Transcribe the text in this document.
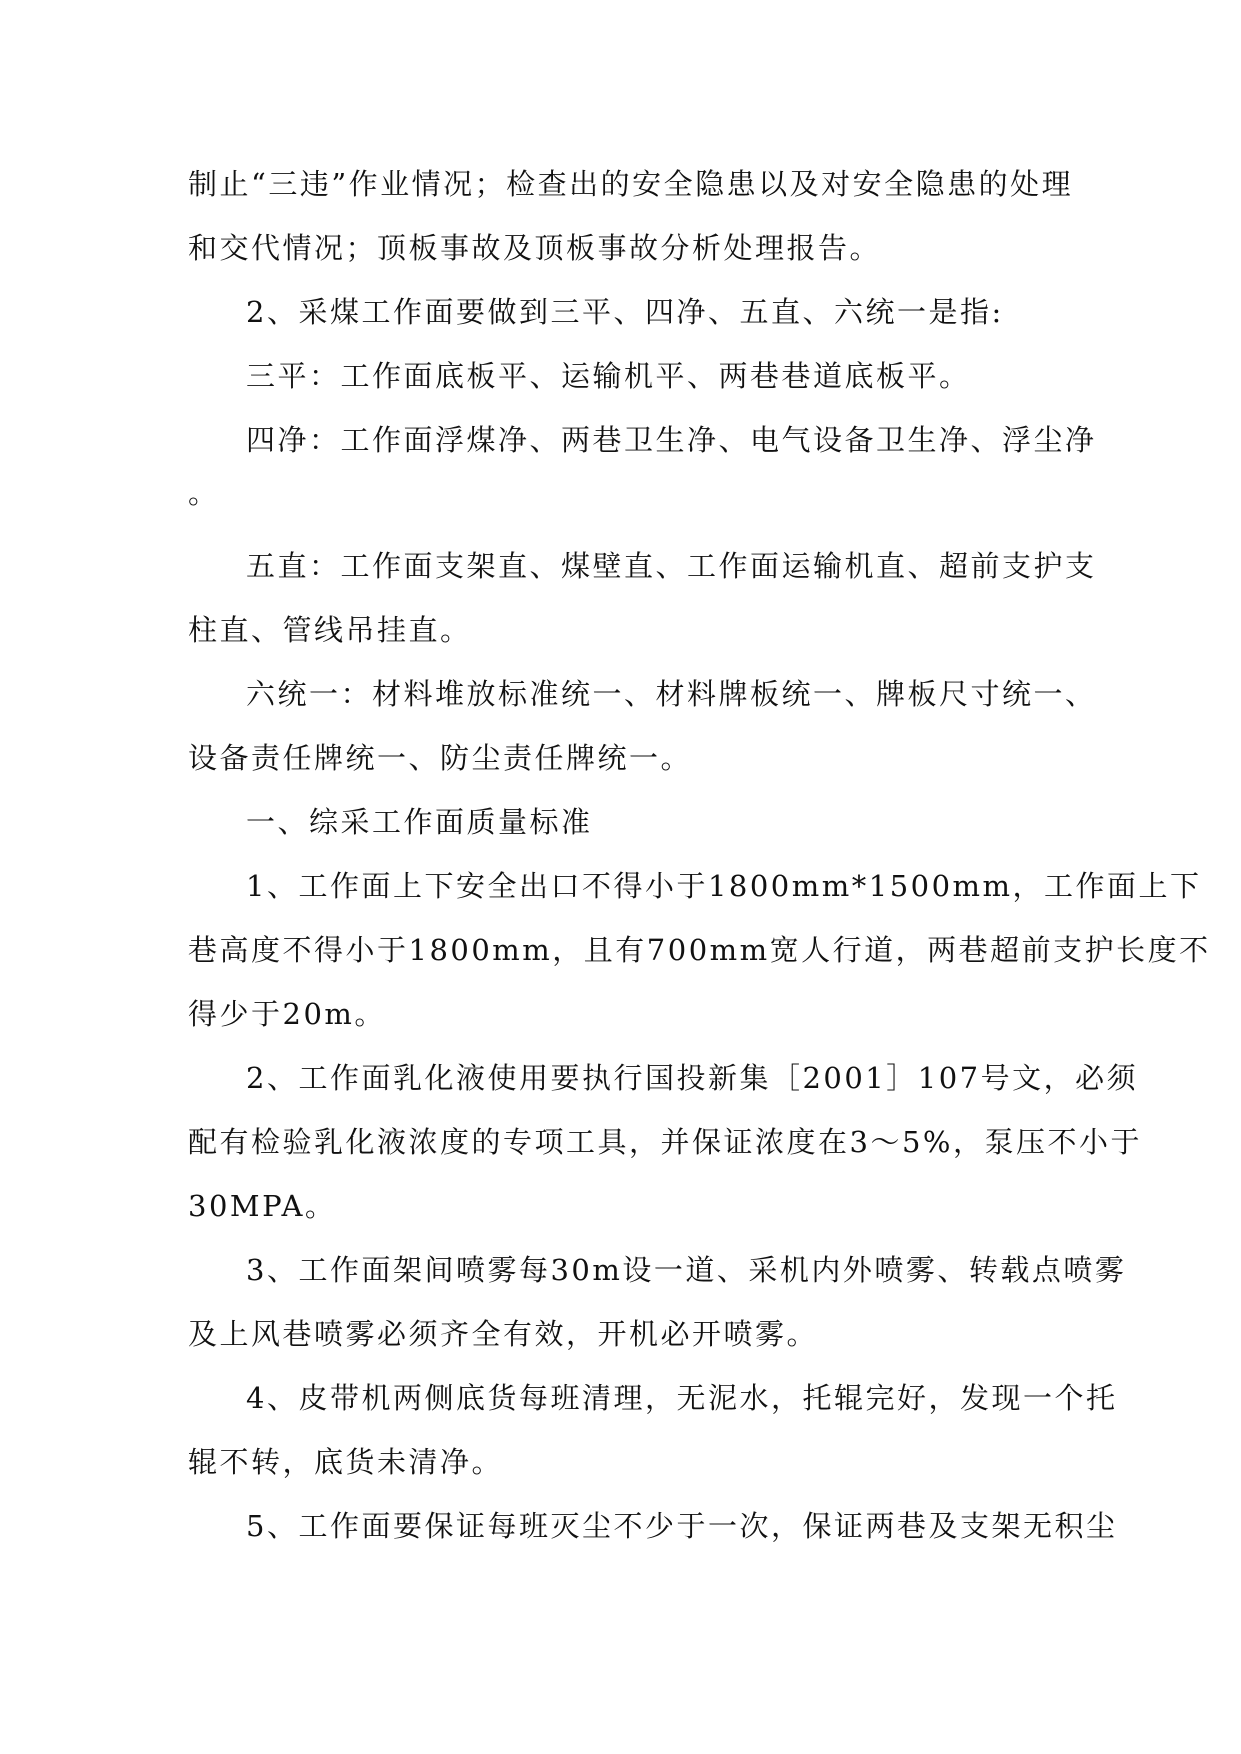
制止“三违”作业情况；检查出的安全隐患以及对安全隐患的处理
和交代情况；顶板事故及顶板事故分析处理报告。
2、采煤工作面要做到三平、四净、五直、六统一是指:
三平：工作面底板平、运输机平、两巷巷道底板平。
四净：工作面浮煤净、两巷卫生净、电气设备卫生净、浮尘净
。
五直：工作面支架直、煤壁直、工作面运输机直、超前支护支
柱直、管线吊挂直。
六统一：材料堆放标准统一、材料牌板统一、牌板尺寸统一、
设备责任牌统一、防尘责任牌统一。
一、综采工作面质量标准
1、工作面上下安全出口不得小于1800mm*1500mm，工作面上下
巷高度不得小于1800mm，且有700mm宽人行道，两巷超前支护长度不
得少于20m。
2、工作面乳化液使用要执行国投新集［2001］107号文，必须
配有检验乳化液浓度的专项工具，并保证浓度在3～5%，泵压不小于
30MPA。
3、工作面架间喷雾每30m设一道、采机内外喷雾、转载点喷雾
及上风巷喷雾必须齐全有效，开机必开喷雾。
4、皮带机两侧底货每班清理，无泥水，托辊完好，发现一个托
辊不转，底货未清净。
5、工作面要保证每班灭尘不少于一次，保证两巷及支架无积尘
